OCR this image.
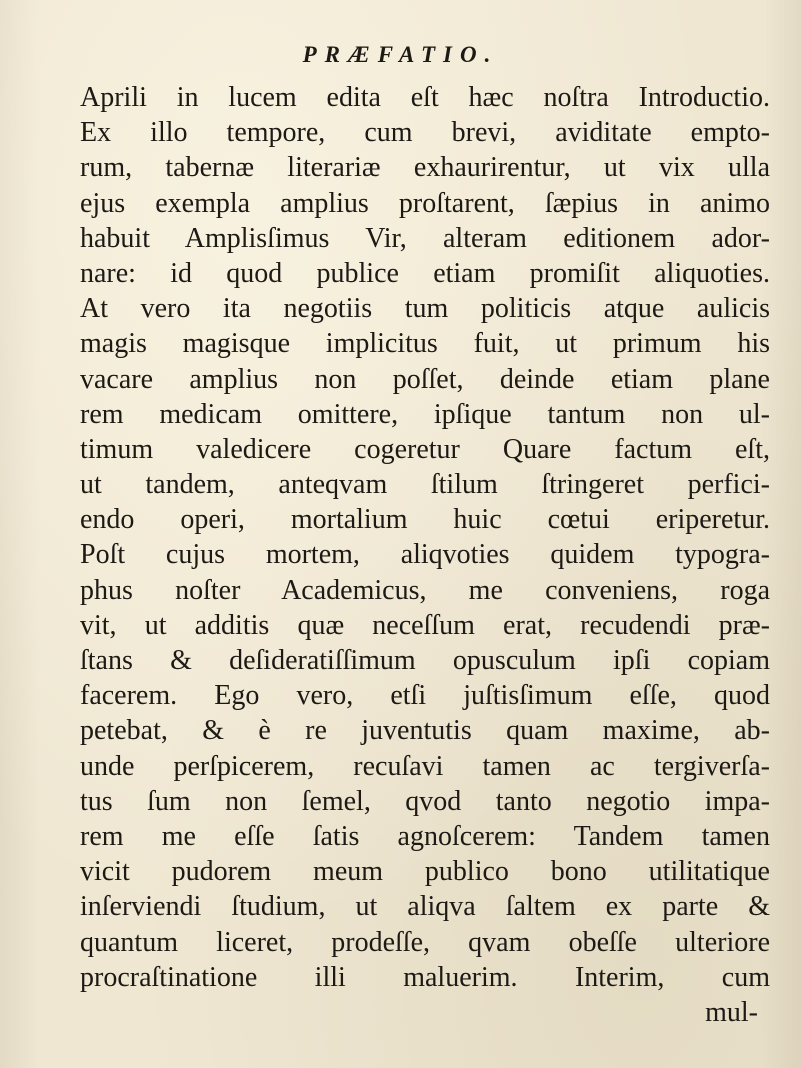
PRÆFATIO.
Aprili in lucem edita eſt hæc noſtra Introductio.
Ex illo tempore, cum brevi, aviditate empto-
rum, tabernæ literariæ exhaurirentur, ut vix ulla
ejus exempla amplius proſtarent, ſæpius in animo
habuit Amplisſimus Vir, alteram editionem ador-
nare: id quod publice etiam promiſit aliquoties.
At vero ita negotiis tum politicis atque aulicis
magis magisque implicitus fuit, ut primum his
vacare amplius non poſſet, deinde etiam plane
rem medicam omittere, ipſique tantum non ul-
timum valedicere cogeretur Quare factum eſt,
ut tandem, anteqvam ſtilum ſtringeret perfici-
endo operi, mortalium huic cœtui eriperetur.
Poſt cujus mortem, aliqvoties quidem typogra-
phus noſter Academicus, me conveniens, roga
vit, ut additis quæ neceſſum erat, recudendi præ-
ſtans & deſideratiſſimum opusculum ipſi copiam
facerem. Ego vero, etſi juſtisſimum eſſe, quod
petebat, & è re juventutis quam maxime, ab-
unde perſpicerem, recuſavi tamen ac tergiverſa-
tus ſum non ſemel, qvod tanto negotio impa-
rem me eſſe ſatis agnoſcerem: Tandem tamen
vicit pudorem meum publico bono utilitatique
inſerviendi ſtudium, ut aliqva ſaltem ex parte &
quantum liceret, prodeſſe, qvam obeſſe ulteriore
procraſtinatione illi maluerim. Interim, cum
mul-
